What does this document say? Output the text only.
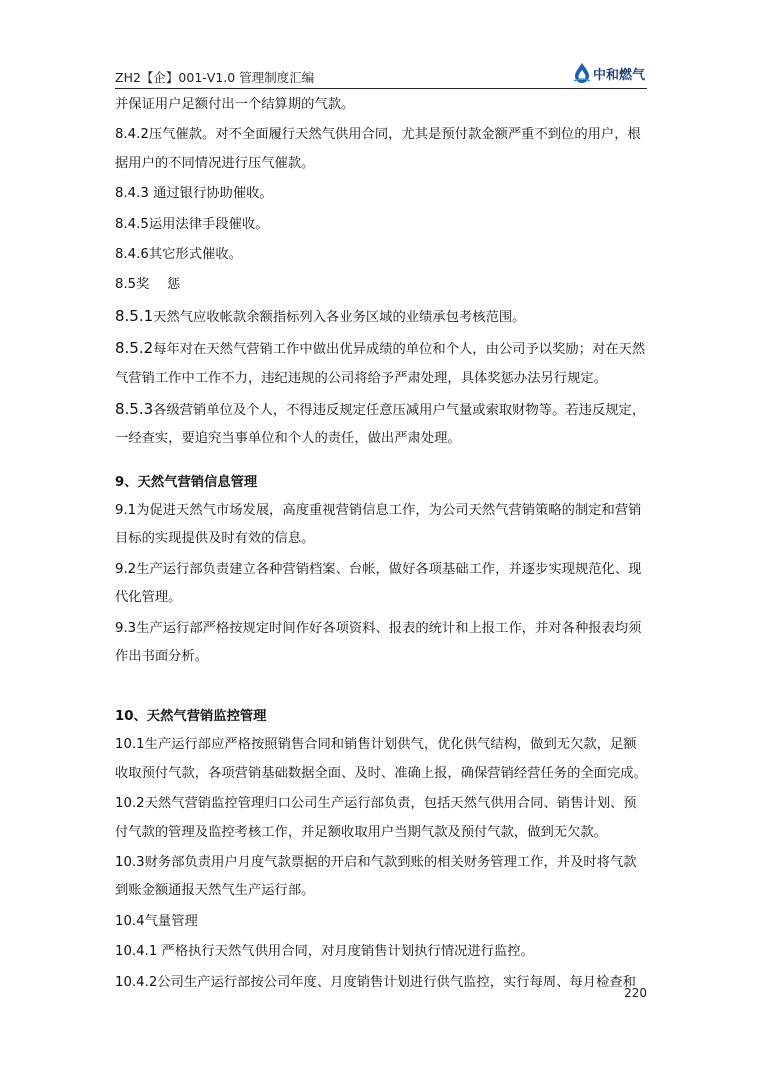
ZH2【企】001-V1.0 管理制度汇编	中和燃气

并保证用户足额付出一个结算期的气款。

8.4.2压气催款。对不全面履行天然气供用合同，尤其是预付款金额严重不到位的用户，根据用户的不同情况进行压气催款。

8.4.3 通过银行协助催收。

8.4.5运用法律手段催收。

8.4.6其它形式催收。

8.5奖　 惩

8.5.1天然气应收帐款余额指标列入各业务区域的业绩承包考核范围。

8.5.2每年对在天然气营销工作中做出优异成绩的单位和个人，由公司予以奖励；对在天然气营销工作中工作不力，违纪违规的公司将给予严肃处理，具体奖惩办法另行规定。

8.5.3各级营销单位及个人，不得违反规定任意压减用户气量或索取财物等。若违反规定，一经查实，要追究当事单位和个人的责任，做出严肃处理。

9、天然气营销信息管理

9.1为促进天然气市场发展，高度重视营销信息工作，为公司天然气营销策略的制定和营销目标的实现提供及时有效的信息。

9.2生产运行部负责建立各种营销档案、台帐，做好各项基础工作，并逐步实现规范化、现代化管理。

9.3生产运行部严格按规定时间作好各项资料、报表的统计和上报工作，并对各种报表均须作出书面分析。

10、天然气营销监控管理

10.1生产运行部应严格按照销售合同和销售计划供气，优化供气结构，做到无欠款，足额收取预付气款，各项营销基础数据全面、及时、准确上报，确保营销经营任务的全面完成。

10.2天然气营销监控管理归口公司生产运行部负责，包括天然气供用合同、销售计划、预付气款的管理及监控考核工作，并足额收取用户当期气款及预付气款，做到无欠款。

10.3财务部负责用户月度气款票据的开启和气款到账的相关财务管理工作，并及时将气款到账金额通报天然气生产运行部。

10.4气量管理

10.4.1 严格执行天然气供用合同，对月度销售计划执行情况进行监控。

10.4.2公司生产运行部按公司年度、月度销售计划进行供气监控，实行每周、每月检查和

220
